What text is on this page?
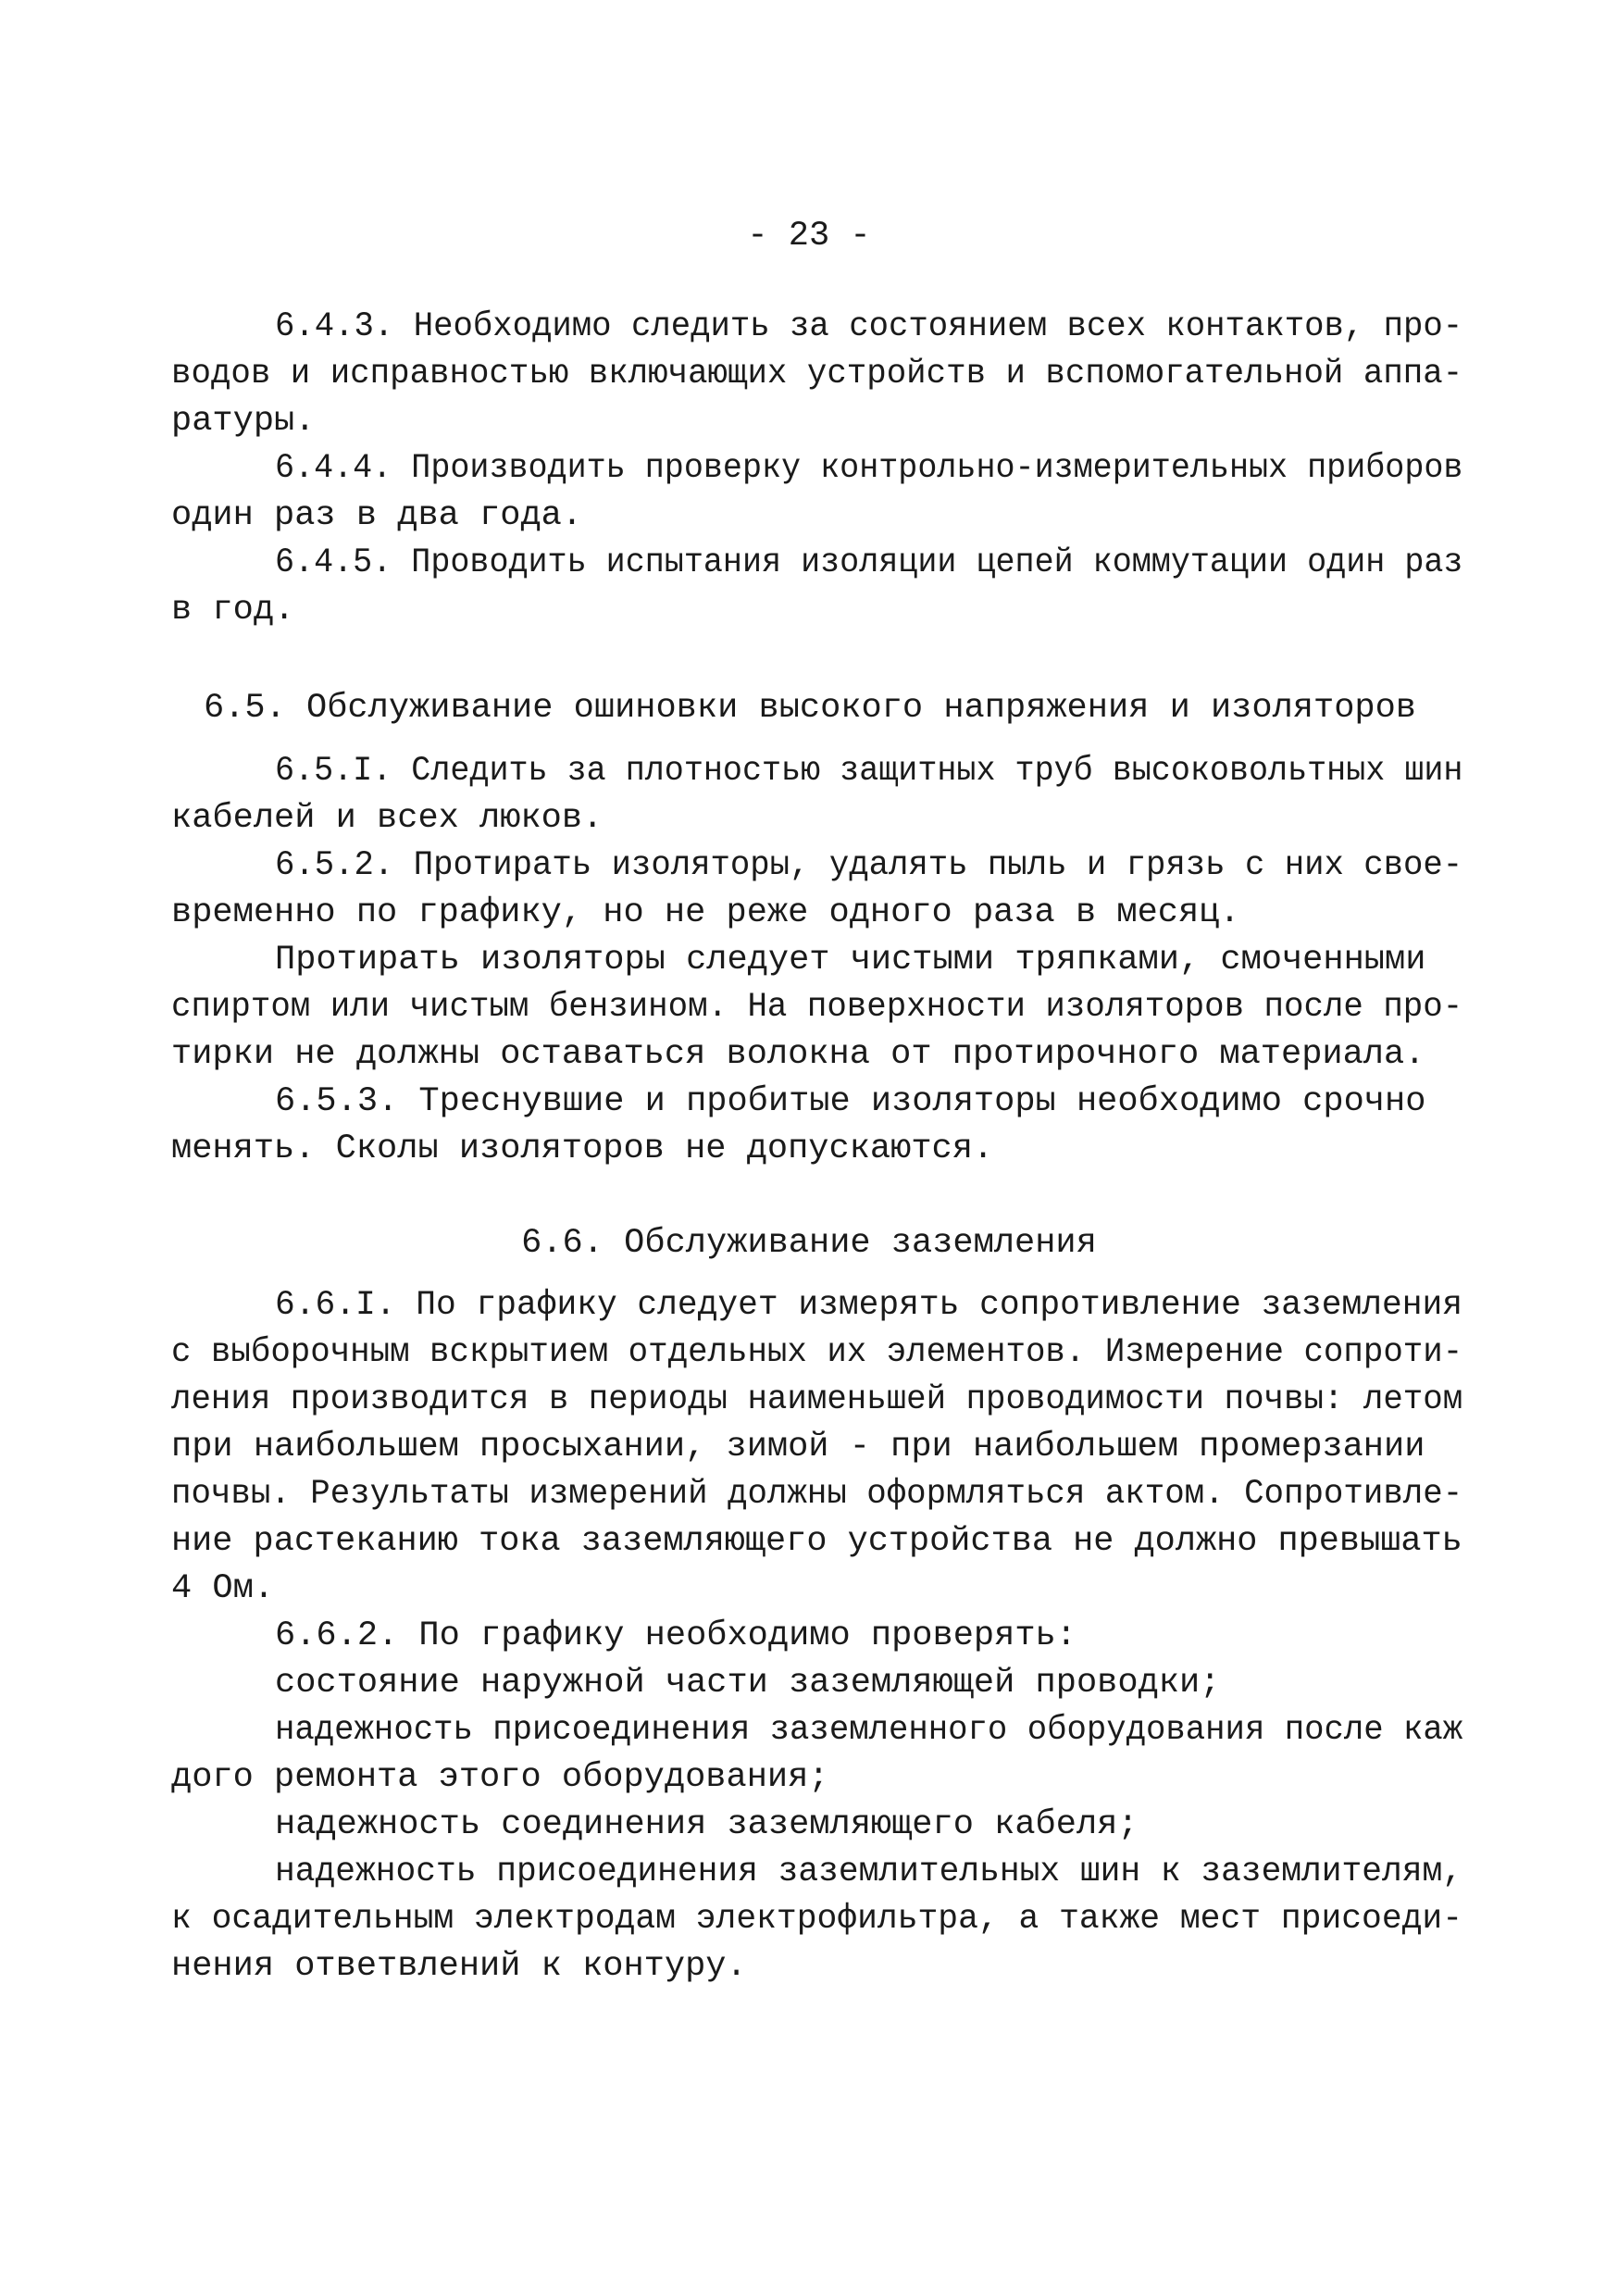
- 23 -
6.4.3. Необходимо следить за состоянием всех контактов, про-
водов и исправностью включающих устройств и вспомогательной аппа-
ратуры.
6.4.4. Производить проверку контрольно-измерительных приборов
один раз в два года.
6.4.5. Проводить испытания изоляции цепей коммутации один раз
в год.
6.5. Обслуживание ошиновки высокого напряжения и изоляторов
6.5.I. Следить за плотностью защитных труб высоковольтных шин
кабелей и всех люков.
6.5.2. Протирать изоляторы, удалять пыль и грязь с них свое-
временно по графику, но не реже одного раза в месяц.
Протирать изоляторы следует чистыми тряпками, смоченными
спиртом или чистым бензином. На поверхности изоляторов после про-
тирки не должны оставаться волокна от протирочного материала.
6.5.3. Треснувшие и пробитые изоляторы необходимо срочно
менять. Сколы изоляторов не допускаются.
6.6. Обслуживание заземления
6.6.I. По графику следует измерять сопротивление заземления
с выборочным вскрытием отдельных их элементов. Измерение сопроти-
ления производится в периоды наименьшей проводимости почвы: летом
при наибольшем просыхании, зимой - при наибольшем промерзании
почвы. Результаты измерений должны оформляться актом. Сопротивле-
ние растеканию тока заземляющего устройства не должно превышать
4 Ом.
6.6.2. По графику необходимо проверять:
состояние наружной части заземляющей проводки;
надежность присоединения заземленного оборудования после каж
дого ремонта этого оборудования;
надежность соединения заземляющего кабеля;
надежность присоединения заземлительных шин к заземлителям,
к осадительным электродам электрофильтра, а также мест присоеди-
нения ответвлений к контуру.
